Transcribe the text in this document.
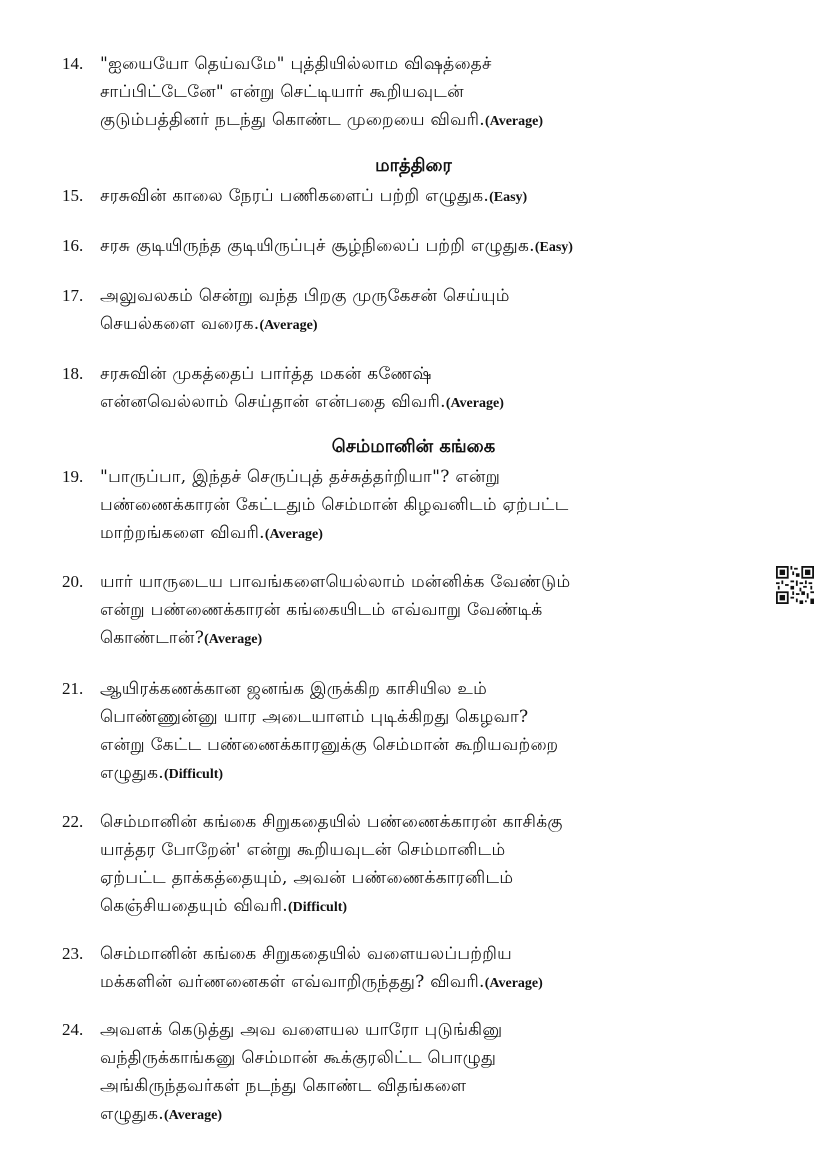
14. "ஐயையோ தெய்வமே" புத்தியில்லாம விஷத்தைச்
சாப்பிட்டேனே" என்று செட்டியார் கூறியவுடன்
குடும்பத்தினர் நடந்து கொண்ட முறையை விவரி.(Average)
மாத்திரை
15. சரசுவின் காலை நேரப் பணிகளைப் பற்றி எழுதுக.(Easy)
16. சரசு குடியிருந்த குடியிருப்புச் சூழ்நிலைப் பற்றி எழுதுக.(Easy)
17. அலுவலகம் சென்று வந்த பிறகு முருகேசன் செய்யும்
செயல்களை வரைக.(Average)
18. சரசுவின் முகத்தைப் பார்த்த மகன் கணேஷ்
என்னவெல்லாம் செய்தான் என்பதை விவரி.(Average)
செம்மானின் கங்கை
19. "பாருப்பா, இந்தச் செருப்புத் தச்சுத்தர்றியா"? என்று
பண்ணைக்காரன் கேட்டதும் செம்மான் கிழவனிடம் ஏற்பட்ட
மாற்றங்களை விவரி.(Average)
20. யார் யாருடைய பாவங்களையெல்லாம் மன்னிக்க வேண்டும்
என்று பண்ணைக்காரன் கங்கையிடம் எவ்வாறு வேண்டிக்
கொண்டான்?(Average)
21. ஆயிரக்கணக்கான ஜனங்க இருக்கிற காசியில உம்
பொண்ணுன்னு யார அடையாளம் புடிக்கிறது கெழவா?
என்று கேட்ட பண்ணைக்காரனுக்கு செம்மான் கூறியவற்றை
எழுதுக.(Difficult)
22. செம்மானின் கங்கை சிறுகதையில் பண்ணைக்காரன் காசிக்கு
யாத்தர போறேன்' என்று கூறியவுடன் செம்மானிடம்
ஏற்பட்ட தாக்கத்தையும், அவன் பண்ணைக்காரனிடம்
கெஞ்சியதையும் விவரி.(Difficult)
23. செம்மானின் கங்கை சிறுகதையில் வளையலப்பற்றிய
மக்களின் வர்ணனைகள் எவ்வாறிருந்தது? விவரி.(Average)
24. அவளக் கெடுத்து அவ வளையல யாரோ புடுங்கினு
வந்திருக்காங்கனு செம்மான் கூக்குரலிட்ட பொழுது
அங்கிருந்தவர்கள் நடந்து கொண்ட விதங்களை
எழுதுக.(Average)
